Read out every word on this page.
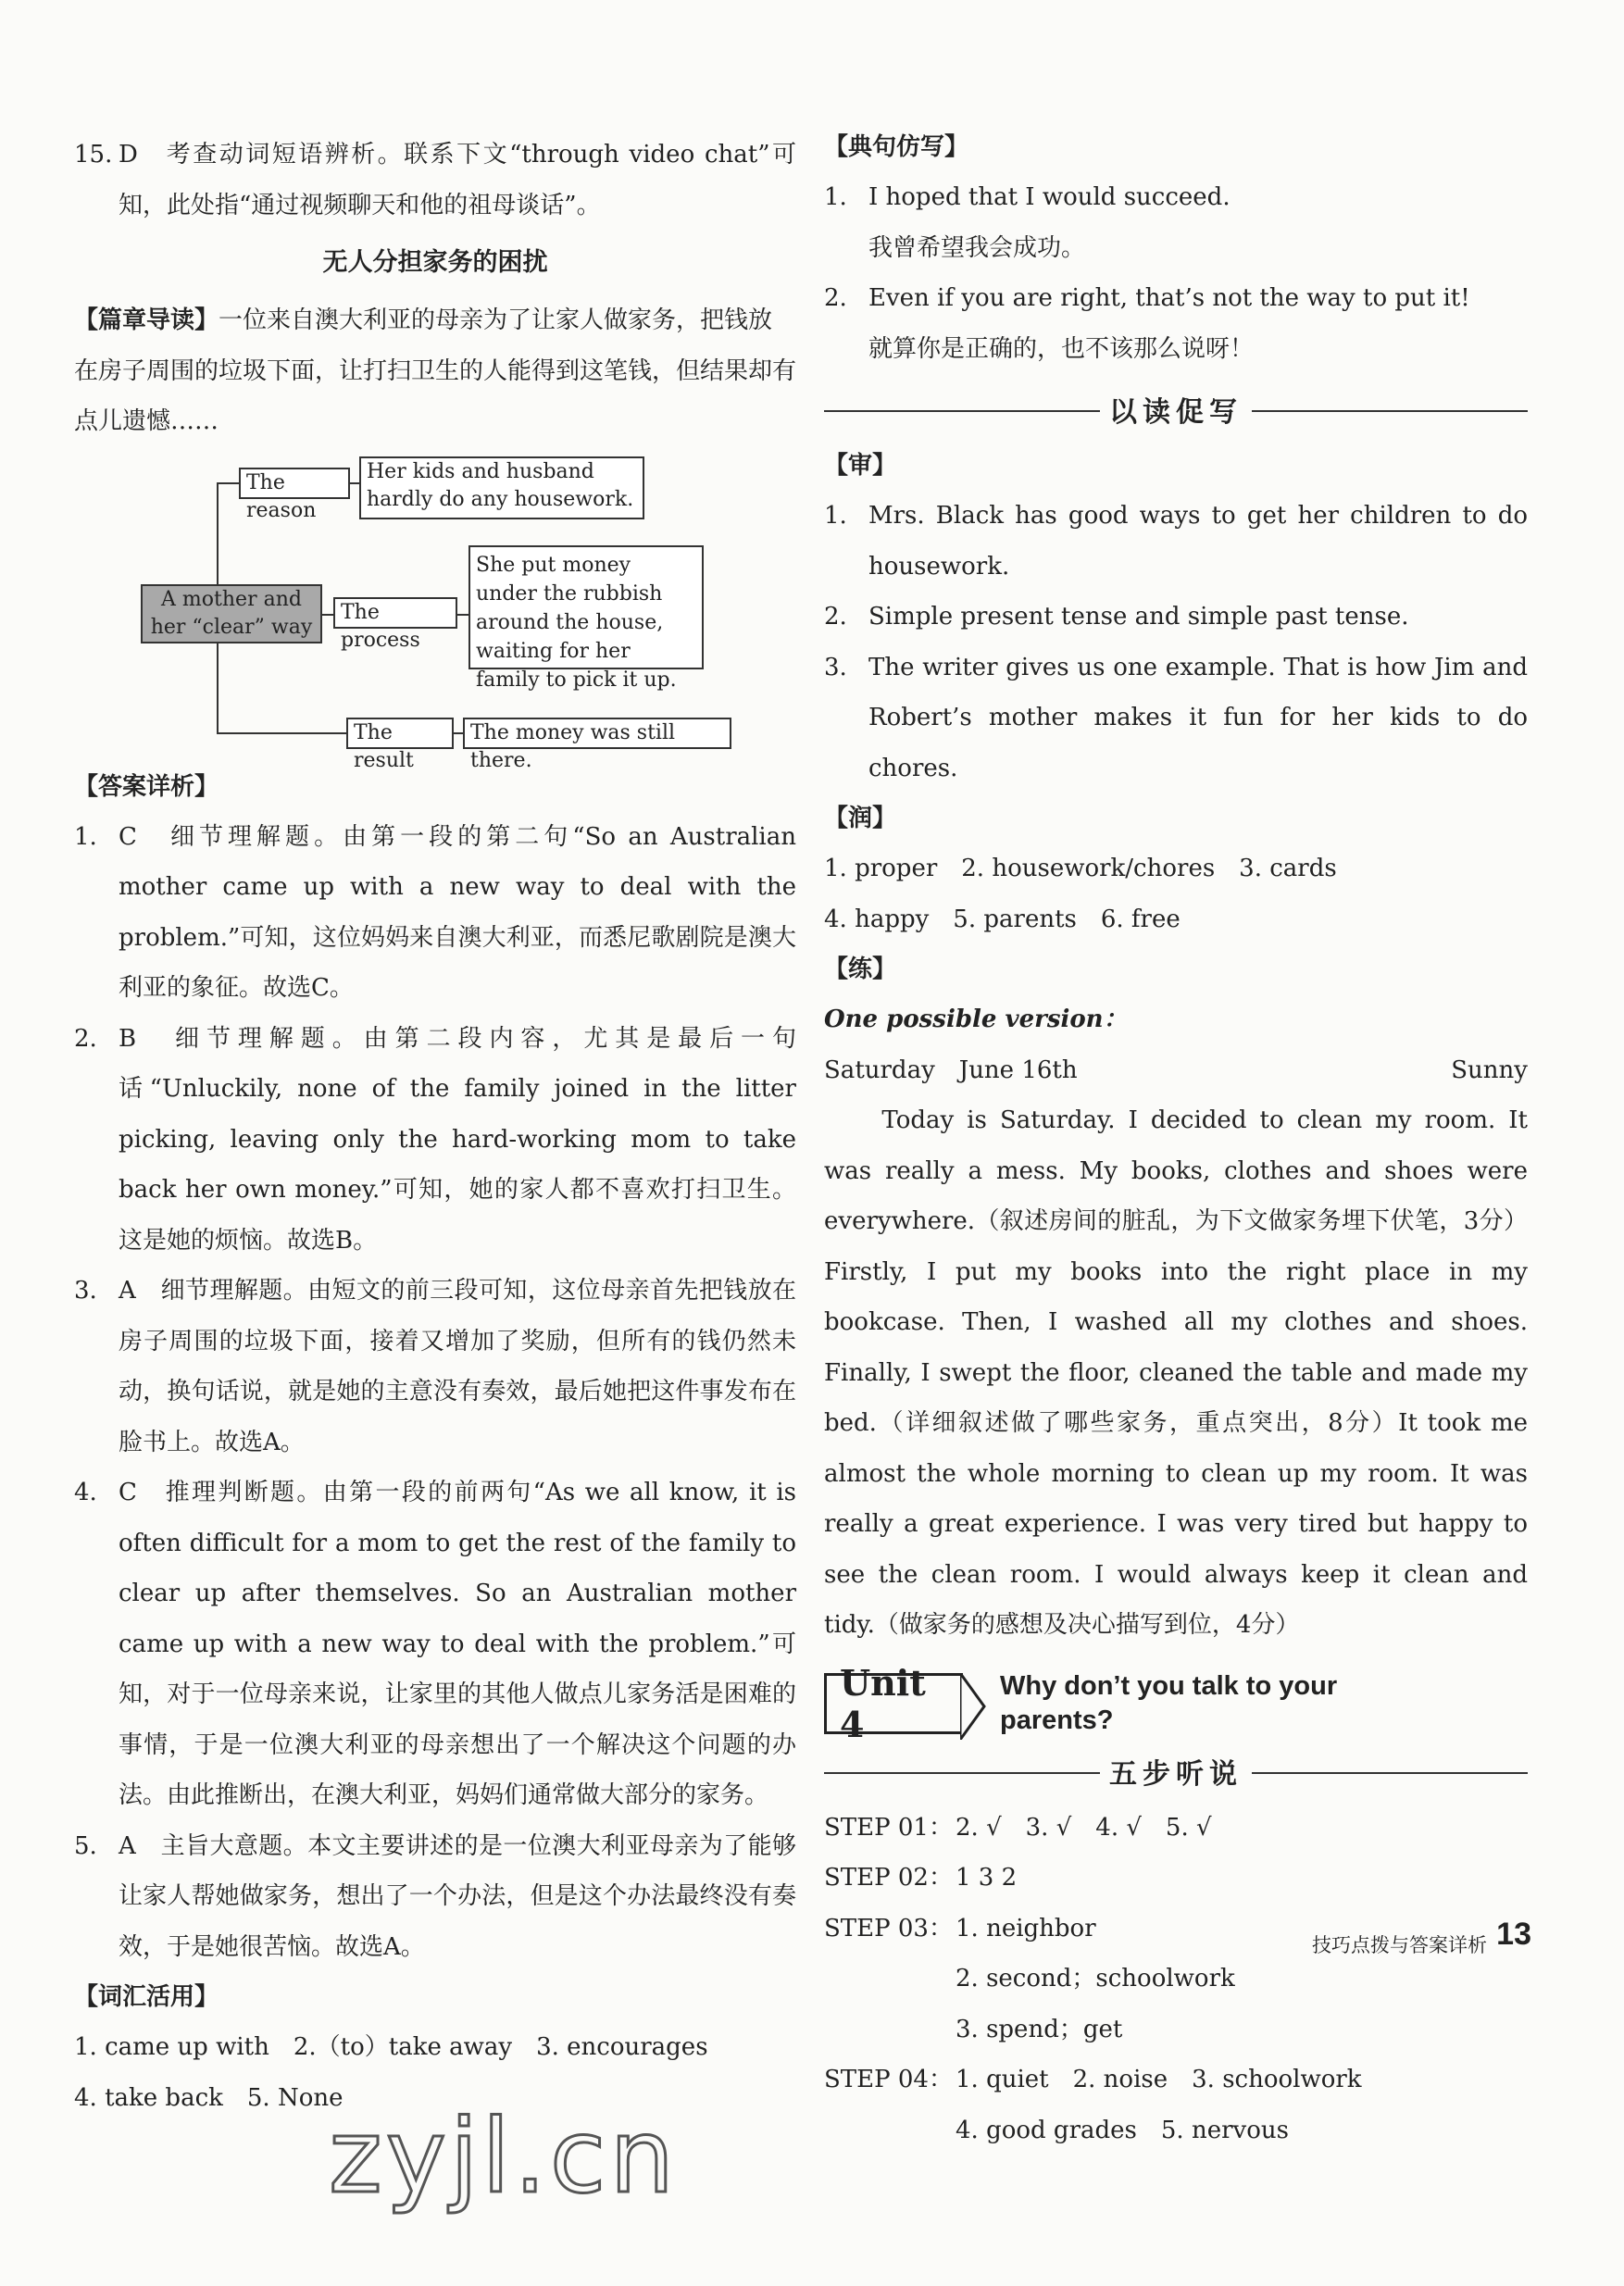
15. D　考查动词短语辨析。联系下文“through video chat”可知，此处指“通过视频聊天和他的祖母谈话”。
无人分担家务的困扰

【篇章导读】一位来自澳大利亚的母亲为了让家人做家务，把钱放在房子周围的垃圾下面，让打扫卫生的人能得到这笔钱，但结果却有点儿遗憾……

A mother and her “clear” way
The reason
Her kids and husband hardly do any housework.
The process
She put money under the rubbish around the house, waiting for her family to pick it up.
The result
The money was still there.

【答案详析】

1. C　细节理解题。由第一段的第二句“So an Australian mother came up with a new way to deal with the problem.”可知，这位妈妈来自澳大利亚，而悉尼歌剧院是澳大利亚的象征。故选C。
2. B　细节理解题。由第二段内容，尤其是最后一句话“Unluckily, none of the family joined in the litter picking, leaving only the hard-working mom to take back her own money.”可知，她的家人都不喜欢打扫卫生。这是她的烦恼。故选B。
3. A　细节理解题。由短文的前三段可知，这位母亲首先把钱放在房子周围的垃圾下面，接着又增加了奖励，但所有的钱仍然未动，换句话说，就是她的主意没有奏效，最后她把这件事发布在脸书上。故选A。
4. C　推理判断题。由第一段的前两句“As we all know, it is often difficult for a mom to get the rest of the family to clear up after themselves. So an Australian mother came up with a new way to deal with the problem.”可知，对于一位母亲来说，让家里的其他人做点儿家务活是困难的事情，于是一位澳大利亚的母亲想出了一个解决这个问题的办法。由此推断出，在澳大利亚，妈妈们通常做大部分的家务。
5. A　主旨大意题。本文主要讲述的是一位澳大利亚母亲为了能够让家人帮她做家务，想出了一个办法，但是这个办法最终没有奏效，于是她很苦恼。故选A。

【词汇活用】

1. came up with　2.（to）take away　3. encourages

4. take back　5. None

【典句仿写】

1. I hoped that I would succeed.
我曾希望我会成功。
2. Even if you are right, that’s not the way to put it!
就算你是正确的，也不该那么说呀！
以读促写

【审】

1. Mrs. Black has good ways to get her children to do housework.
2. Simple present tense and simple past tense.
3. The writer gives us one example. That is how Jim and Robert’s mother makes it fun for her kids to do chores.

【润】

1. proper　2. housework/chores　3. cards

4. happy　5. parents　6. free

【练】

One possible version：
Saturday　June 16th	Sunny

Today is Saturday. I decided to clean my room. It was really a mess. My books, clothes and shoes were everywhere.（叙述房间的脏乱，为下文做家务埋下伏笔，3分）Firstly, I put my books into the right place in my bookcase. Then, I washed all my clothes and shoes. Finally, I swept the floor, cleaned the table and made my bed.（详细叙述做了哪些家务，重点突出，8分）It took me almost the whole morning to clean up my room. It was really a great experience. I was very tired but happy to see the clean room. I would always keep it clean and tidy.（做家务的感想及决心描写到位，4分）

Unit 4
Why don’t you talk to your
parents?
五步听说
STEP 01： 2. √　3. √　4. √　5. √
STEP 02： 1 3 2
STEP 03： 1. neighbor
2. second；schoolwork
3. spend；get
STEP 04： 1. quiet　2. noise　3. schoolwork
4. good grades　5. nervous
技巧点拨与答案详析 13
zyjl.cn
